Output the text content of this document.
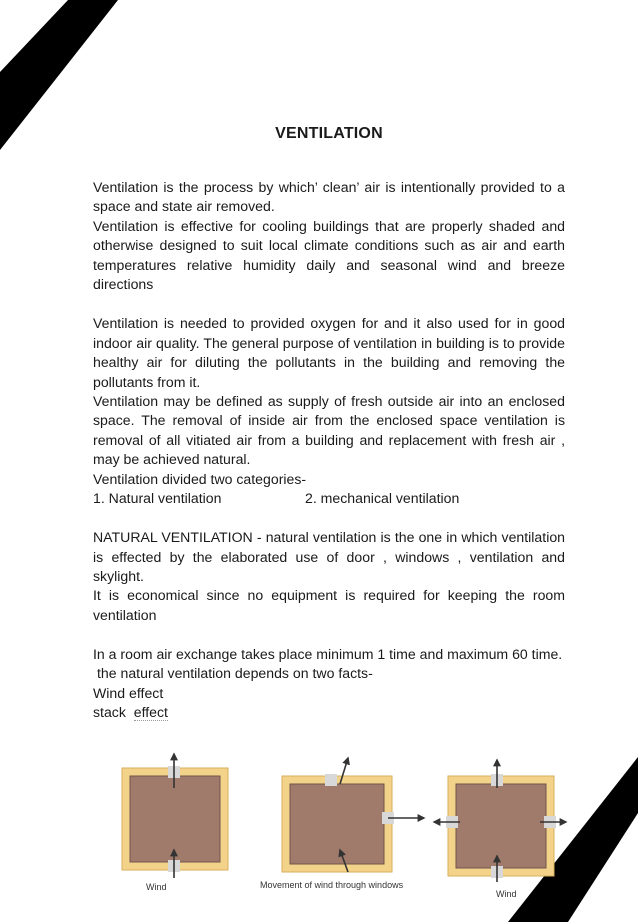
VENTILATION

Ventilation is the process by which’ clean’ air is intentionally provided to a space and state air removed.

Ventilation is effective for cooling buildings that are properly shaded and otherwise designed to suit local climate conditions such as air and earth temperatures relative humidity daily and seasonal wind and breeze directions

Ventilation is needed to provided oxygen for and it also used for in good indoor air quality. The general purpose of ventilation in building is to provide healthy air for diluting the pollutants in the building and removing the pollutants from it.

Ventilation may be defined as supply of fresh outside air into an enclosed space. The removal of inside air from the enclosed space ventilation is removal of all vitiated air from a building and replacement with fresh air , may be achieved natural.

Ventilation divided two categories-

1. Natural ventilation	2. mechanical ventilation

NATURAL VENTILATION - natural ventilation is the one in which ventilation is effected by the elaborated use of door , windows , ventilation and skylight.

It is economical since no equipment is required for keeping the room ventilation

In a room air exchange takes place minimum 1 time and maximum 60 time.

the natural ventilation depends on two facts-

Wind effect

stack effect

Wind	Movement of wind through windows
Wind
